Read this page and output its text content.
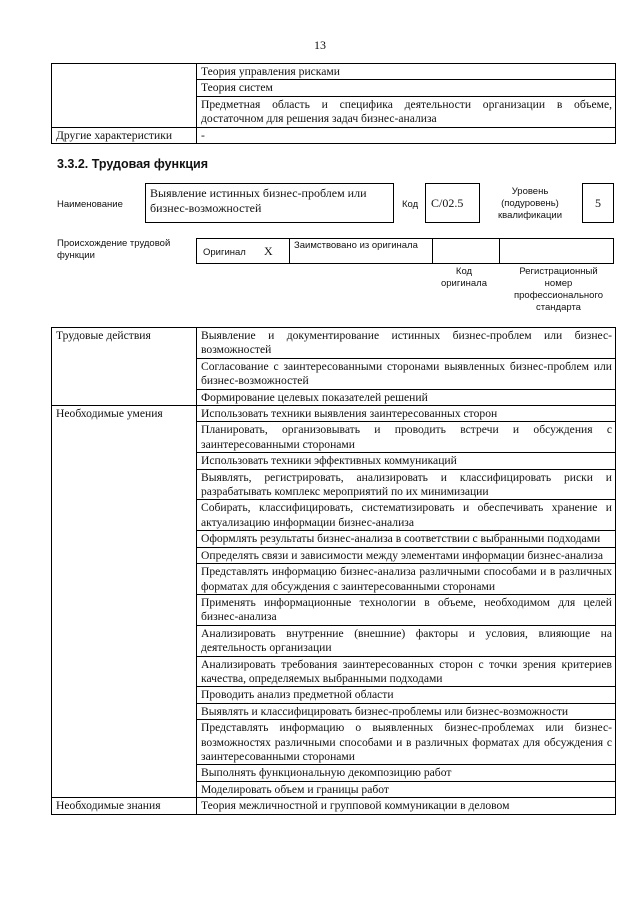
13
	Теория управления рисками
	Теория систем
	Предметная область и специфика деятельности организации в объеме, достаточном для решения задач бизнес-анализа
Другие характеристики	-
3.3.2. Трудовая функция
Наименование
Выявление истинных бизнес-проблем или бизнес-возможностей	Код	C/02.5
Уровень (подуровень) квалификации
5
Происхождение трудовой функции	Оригинал X Заимствовано из оригинала
Код оригинала
Регистрационный номер профессионального стандарта
Трудовые действия	Выявление и документирование истинных бизнес-проблем или бизнес-возможностей
	Согласование с заинтересованными сторонами выявленных бизнес-проблем или бизнес-возможностей
	Формирование целевых показателей решений
Необходимые умения	Использовать техники выявления заинтересованных сторон
	Планировать, организовывать и проводить встречи и обсуждения с заинтересованными сторонами
	Использовать техники эффективных коммуникаций
	Выявлять, регистрировать, анализировать и классифицировать риски и разрабатывать комплекс мероприятий по их минимизации
	Собирать, классифицировать, систематизировать и обеспечивать хранение и актуализацию информации бизнес-анализа
	Оформлять результаты бизнес-анализа в соответствии с выбранными подходами
	Определять связи и зависимости между элементами информации бизнес-анализа
	Представлять информацию бизнес-анализа различными способами и в различных форматах для обсуждения с заинтересованными сторонами
	Применять информационные технологии в объеме, необходимом для целей бизнес-анализа
	Анализировать внутренние (внешние) факторы и условия, влияющие на деятельность организации
	Анализировать требования заинтересованных сторон с точки зрения критериев качества, определяемых выбранными подходами
	Проводить анализ предметной области
	Выявлять и классифицировать бизнес-проблемы или бизнес-возможности
	Представлять информацию о выявленных бизнес-проблемах или бизнес-возможностях различными способами и в различных форматах для обсуждения с заинтересованными сторонами
	Выполнять функциональную декомпозицию работ
	Моделировать объем и границы работ
Необходимые знания	Теория межличностной и групповой коммуникации в деловом
